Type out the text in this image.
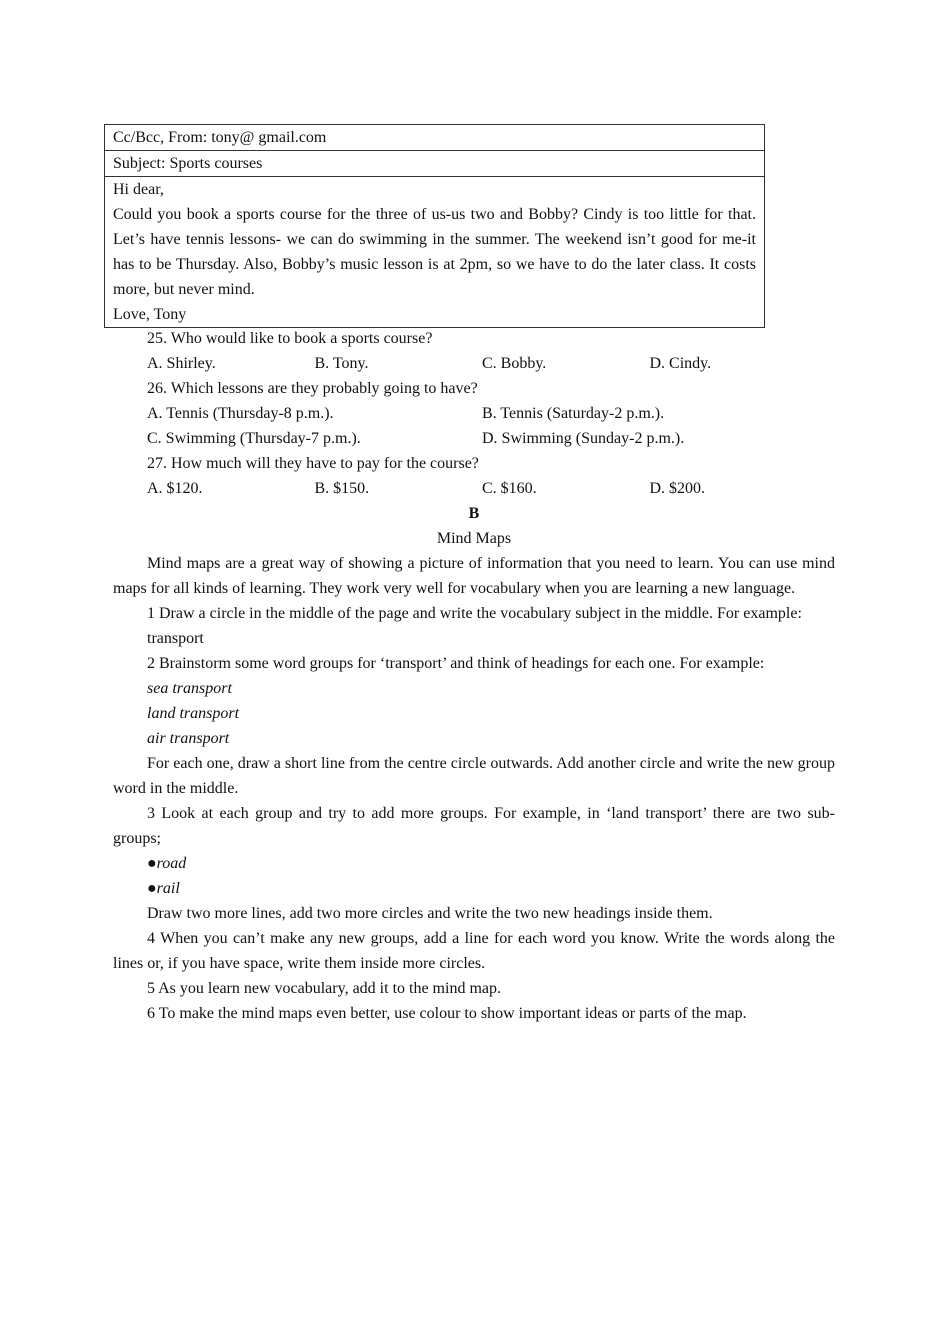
Cc/Bcc, From: tony@ gmail.com
Subject: Sports courses
Hi dear,
Could you book a sports course for the three of us-us two and Bobby? Cindy is too little for that. Let’s have tennis lessons- we can do swimming in the summer. The weekend isn’t good for me-it has to be Thursday. Also, Bobby’s music lesson is at 2pm, so we have to do the later class. It costs more, but never mind.
Love, Tony
25. Who would like to book a sports course?
A. Shirley.	B. Tony.	C. Bobby.	D. Cindy.
26. Which lessons are they probably going to have?
A. Tennis (Thursday-8 p.m.).	B. Tennis (Saturday-2 p.m.).
C. Swimming (Thursday-7 p.m.).	D. Swimming (Sunday-2 p.m.).
27. How much will they have to pay for the course?
A. $120.	B. $150.	C. $160.	D. $200.
B
Mind Maps
Mind maps are a great way of showing a picture of information that you need to learn. You can use mind maps for all kinds of learning. They work very well for vocabulary when you are learning a new language.
1 Draw a circle in the middle of the page and write the vocabulary subject in the middle. For example:
transport
2 Brainstorm some word groups for ‘transport’ and think of headings for each one. For example:
sea transport
land transport
air transport
For each one, draw a short line from the centre circle outwards. Add another circle and write the new group word in the middle.
3 Look at each group and try to add more groups. For example, in ‘land transport’ there are two sub-groups;
●road
●rail
Draw two more lines, add two more circles and write the two new headings inside them.
4 When you can’t make any new groups, add a line for each word you know. Write the words along the lines or, if you have space, write them inside more circles.
5 As you learn new vocabulary, add it to the mind map.
6 To make the mind maps even better, use colour to show important ideas or parts of the map.
